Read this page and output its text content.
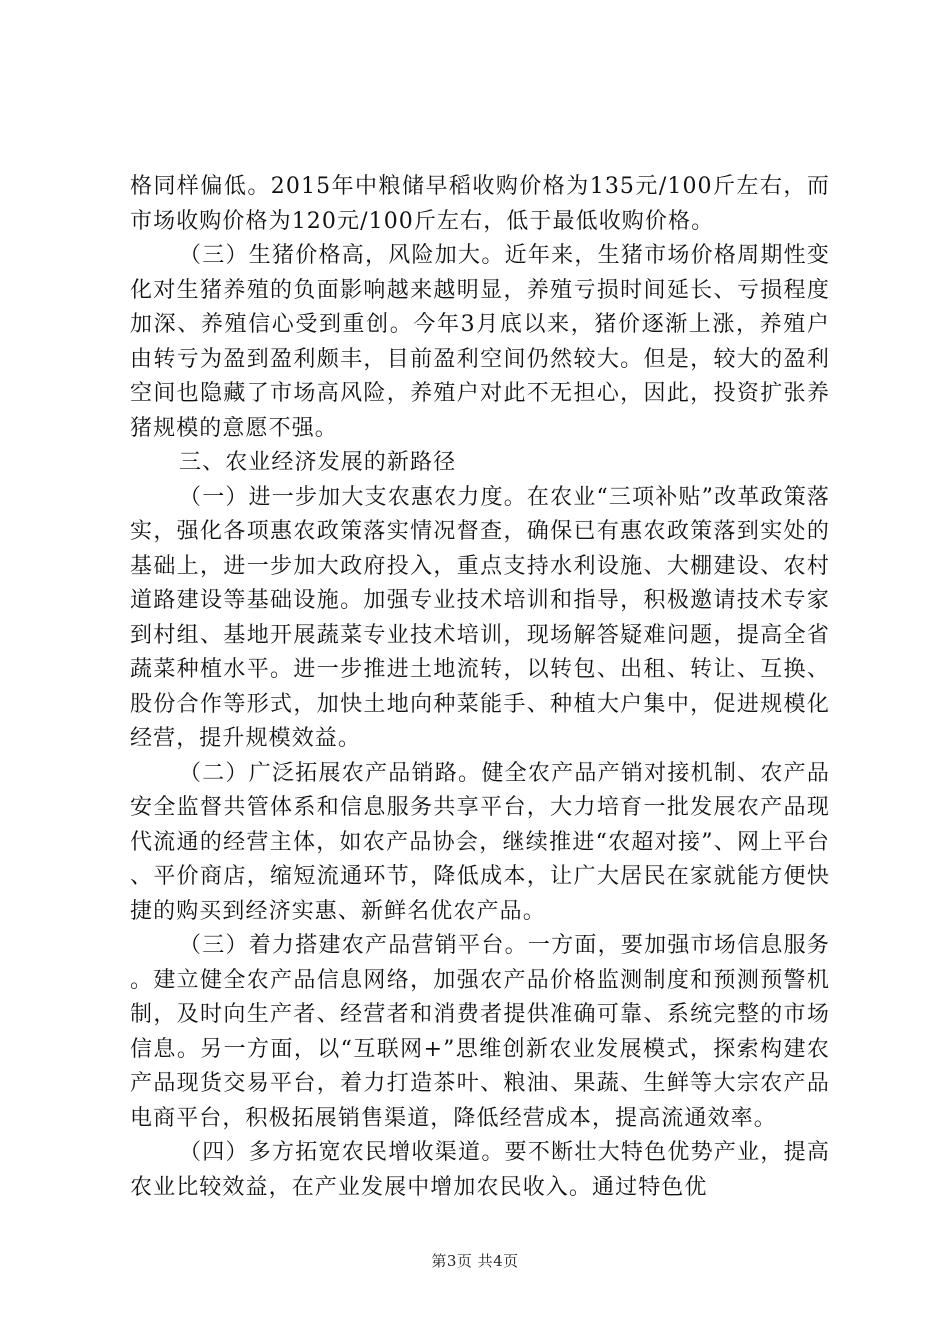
格同样偏低。2015年中粮储早稻收购价格为135元/100斤左右，而市场收购价格为120元/100斤左右，低于最低收购价格。

（三）生猪价格高，风险加大。近年来，生猪市场价格周期性变化对生猪养殖的负面影响越来越明显，养殖亏损时间延长、亏损程度加深、养殖信心受到重创。今年3月底以来，猪价逐渐上涨，养殖户由转亏为盈到盈利颇丰，目前盈利空间仍然较大。但是，较大的盈利空间也隐藏了市场高风险，养殖户对此不无担心，因此，投资扩张养猪规模的意愿不强。

三、农业经济发展的新路径

（一）进一步加大支农惠农力度。在农业“三项补贴”改革政策落实，强化各项惠农政策落实情况督查，确保已有惠农政策落到实处的基础上，进一步加大政府投入，重点支持水利设施、大棚建设、农村道路建设等基础设施。加强专业技术培训和指导，积极邀请技术专家到村组、基地开展蔬菜专业技术培训，现场解答疑难问题，提高全省蔬菜种植水平。进一步推进土地流转，以转包、出租、转让、互换、股份合作等形式，加快土地向种菜能手、种植大户集中，促进规模化经营，提升规模效益。

（二）广泛拓展农产品销路。健全农产品产销对接机制、农产品安全监督共管体系和信息服务共享平台，大力培育一批发展农产品现代流通的经营主体，如农产品协会，继续推进“农超对接”、网上平台、平价商店，缩短流通环节，降低成本，让广大居民在家就能方便快捷的购买到经济实惠、新鲜名优农产品。

（三）着力搭建农产品营销平台。一方面，要加强市场信息服务。建立健全农产品信息网络，加强农产品价格监测制度和预测预警机制，及时向生产者、经营者和消费者提供准确可靠、系统完整的市场信息。另一方面，以“互联网+”思维创新农业发展模式，探索构建农产品现货交易平台，着力打造茶叶、粮油、果蔬、生鲜等大宗农产品电商平台，积极拓展销售渠道，降低经营成本，提高流通效率。

（四）多方拓宽农民增收渠道。要不断壮大特色优势产业，提高农业比较效益，在产业发展中增加农民收入。通过特色优

第3页 共4页
